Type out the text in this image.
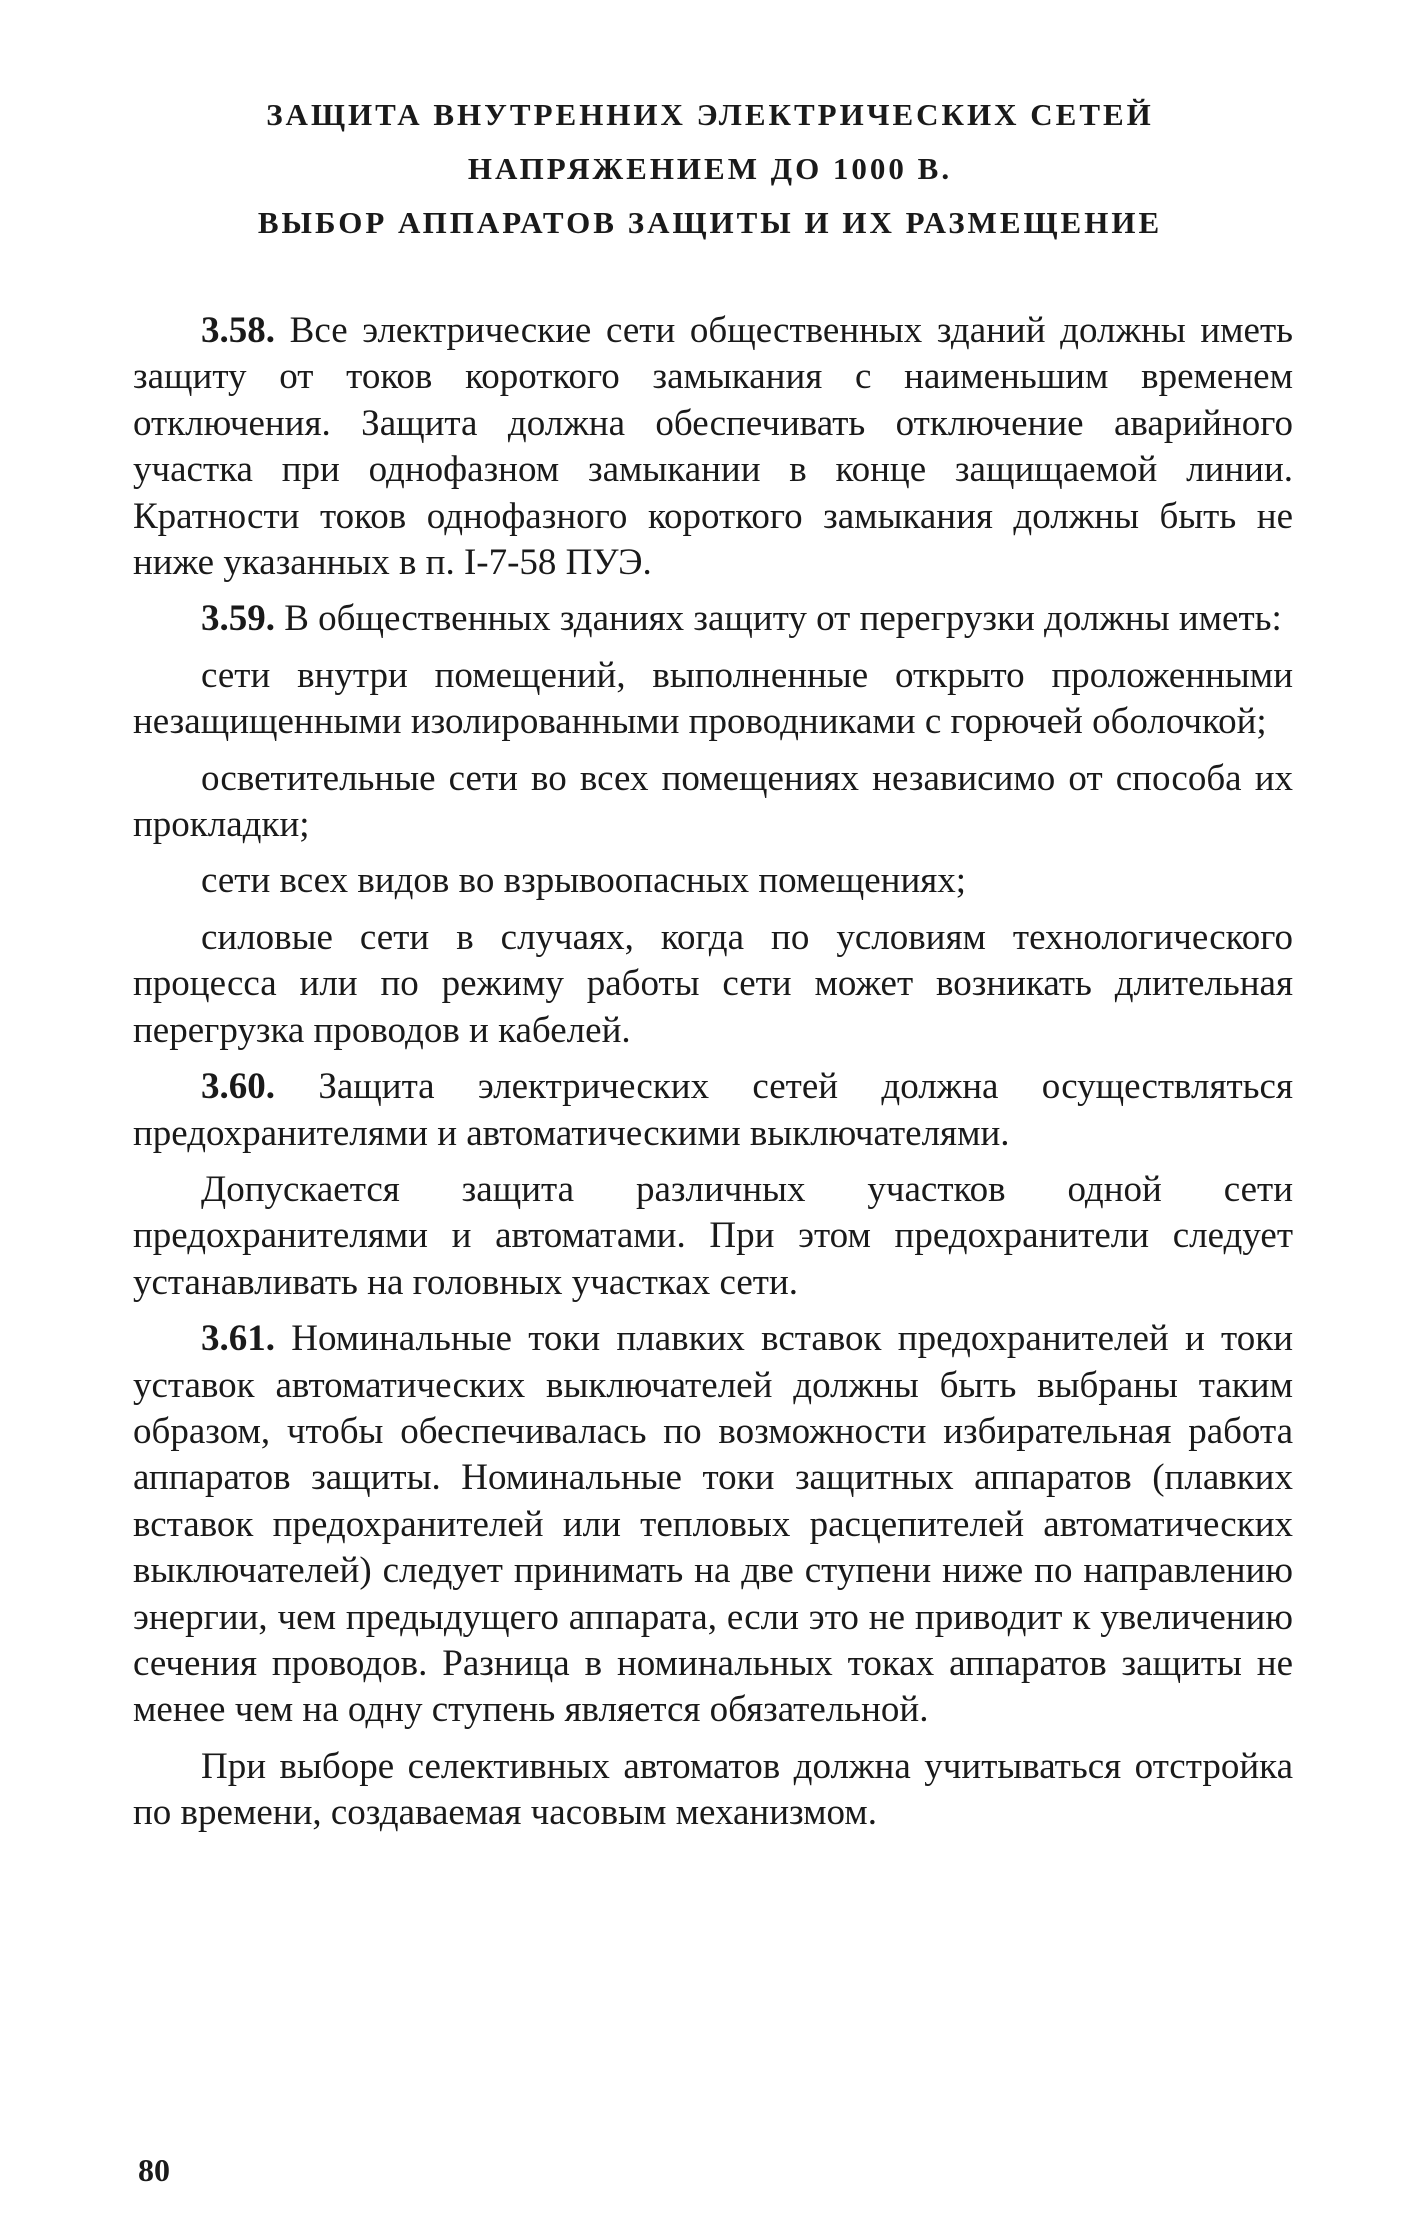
ЗАЩИТА ВНУТРЕННИХ ЭЛЕКТРИЧЕСКИХ СЕТЕЙ
НАПРЯЖЕНИЕМ ДО 1000 В.
ВЫБОР АППАРАТОВ ЗАЩИТЫ И ИХ РАЗМЕЩЕНИЕ

3.58. Все электрические сети общественных зданий должны иметь защиту от токов короткого замыкания с наименьшим временем отключения. Защита должна обеспечивать отключение аварийного участка при однофазном замыкании в конце защищаемой линии. Кратности токов однофазного короткого замыкания должны быть не ниже указанных в п. I-7-58 ПУЭ.

3.59. В общественных зданиях защиту от перегрузки должны иметь:

сети внутри помещений, выполненные открыто проложенными незащищенными изолированными проводниками с горючей оболочкой;

осветительные сети во всех помещениях независимо от способа их прокладки;

сети всех видов во взрывоопасных помещениях;

силовые сети в случаях, когда по условиям технологического процесса или по режиму работы сети может возникать длительная перегрузка проводов и кабелей.

3.60. Защита электрических сетей должна осуществляться предохранителями и автоматическими выключателями.

Допускается защита различных участков одной сети предохранителями и автоматами. При этом предохранители следует устанавливать на головных участках сети.

3.61. Номинальные токи плавких вставок предохранителей и токи уставок автоматических выключателей должны быть выбраны таким образом, чтобы обеспечивалась по возможности избирательная работа аппаратов защиты. Номинальные токи защитных аппаратов (плавких вставок предохранителей или тепловых расцепителей автоматических выключателей) следует принимать на две ступени ниже по направлению энергии, чем предыдущего аппарата, если это не приводит к увеличению сечения проводов. Разница в номинальных токах аппаратов защиты не менее чем на одну ступень является обязательной.

При выборе селективных автоматов должна учитываться отстройка по времени, создаваемая часовым механизмом.

80
